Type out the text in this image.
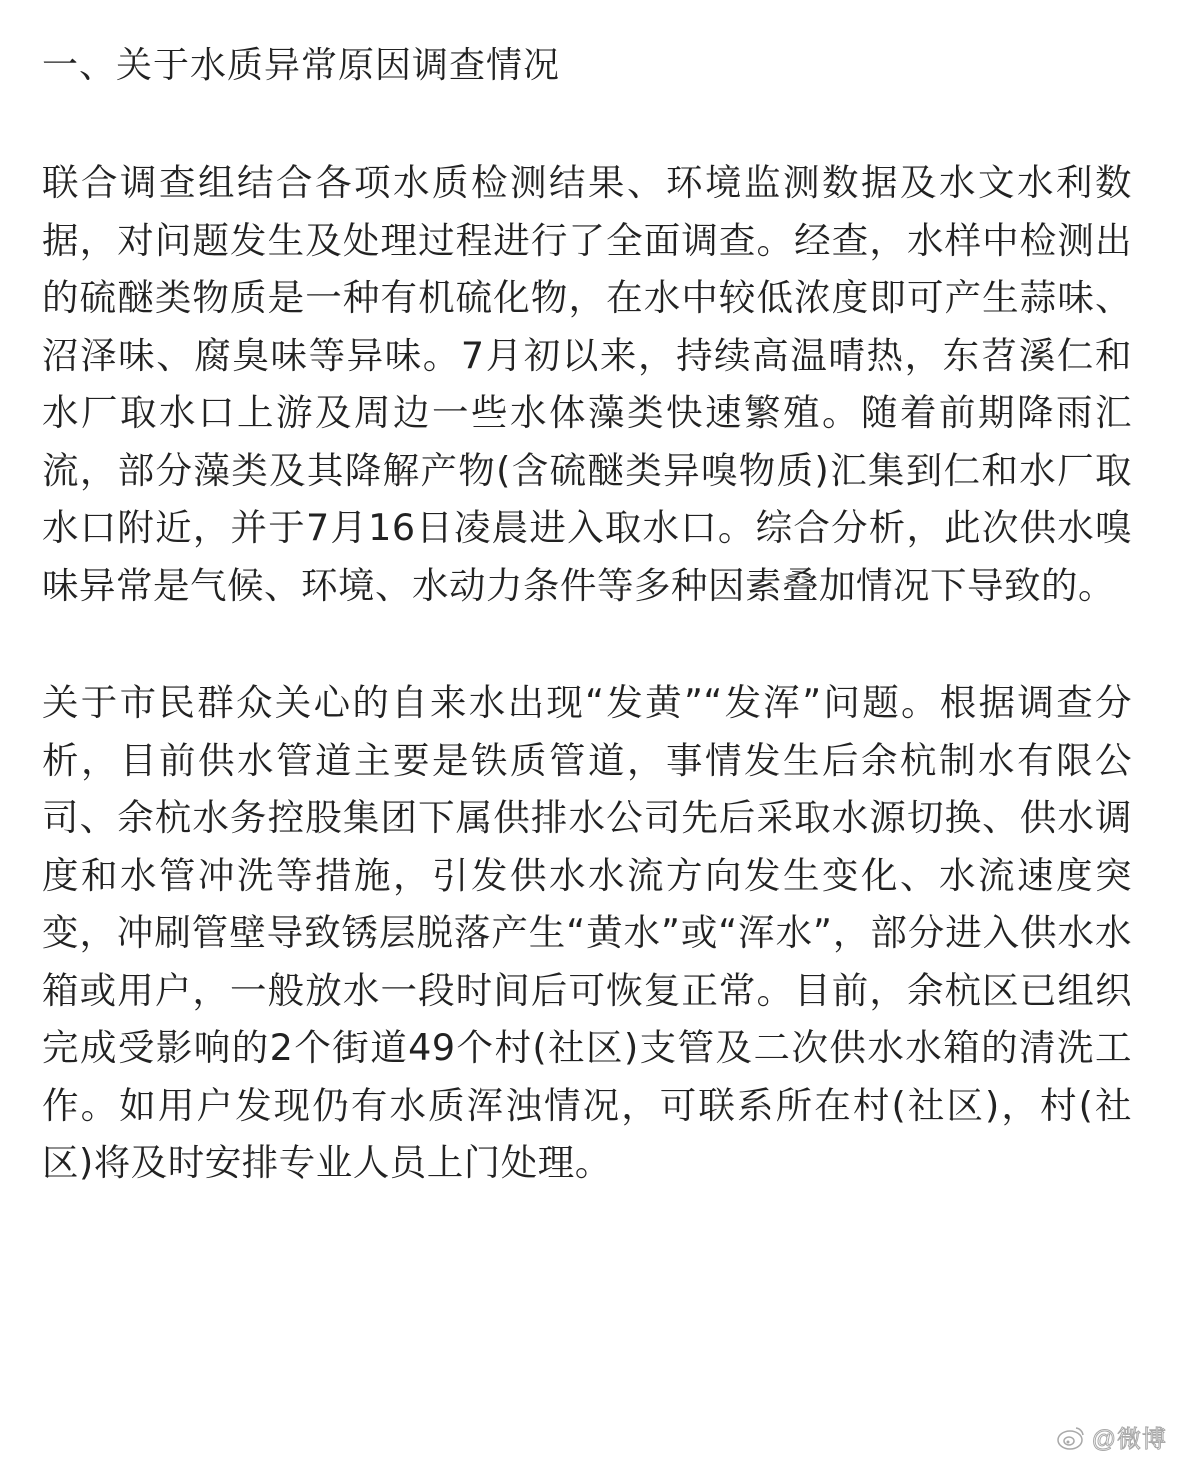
一、关于水质异常原因调查情况

联合调查组结合各项水质检测结果、环境监测数据及水文水利数据，对问题发生及处理过程进行了全面调查。经查，水样中检测出的硫醚类物质是一种有机硫化物，在水中较低浓度即可产生蒜味、沼泽味、腐臭味等异味。7月初以来，持续高温晴热，东苕溪仁和水厂取水口上游及周边一些水体藻类快速繁殖。随着前期降雨汇流，部分藻类及其降解产物(含硫醚类异嗅物质)汇集到仁和水厂取水口附近，并于7月16日凌晨进入取水口。综合分析，此次供水嗅味异常是气候、环境、水动力条件等多种因素叠加情况下导致的。

关于市民群众关心的自来水出现“发黄”“发浑”问题。根据调查分析，目前供水管道主要是铁质管道，事情发生后余杭制水有限公司、余杭水务控股集团下属供排水公司先后采取水源切换、供水调度和水管冲洗等措施，引发供水水流方向发生变化、水流速度突变，冲刷管壁导致锈层脱落产生“黄水”或“浑水”，部分进入供水水箱或用户，一般放水一段时间后可恢复正常。目前，余杭区已组织完成受影响的2个街道49个村(社区)支管及二次供水水箱的清洗工作。如用户发现仍有水质浑浊情况，可联系所在村(社区)，村(社区)将及时安排专业人员上门处理。

@微博
